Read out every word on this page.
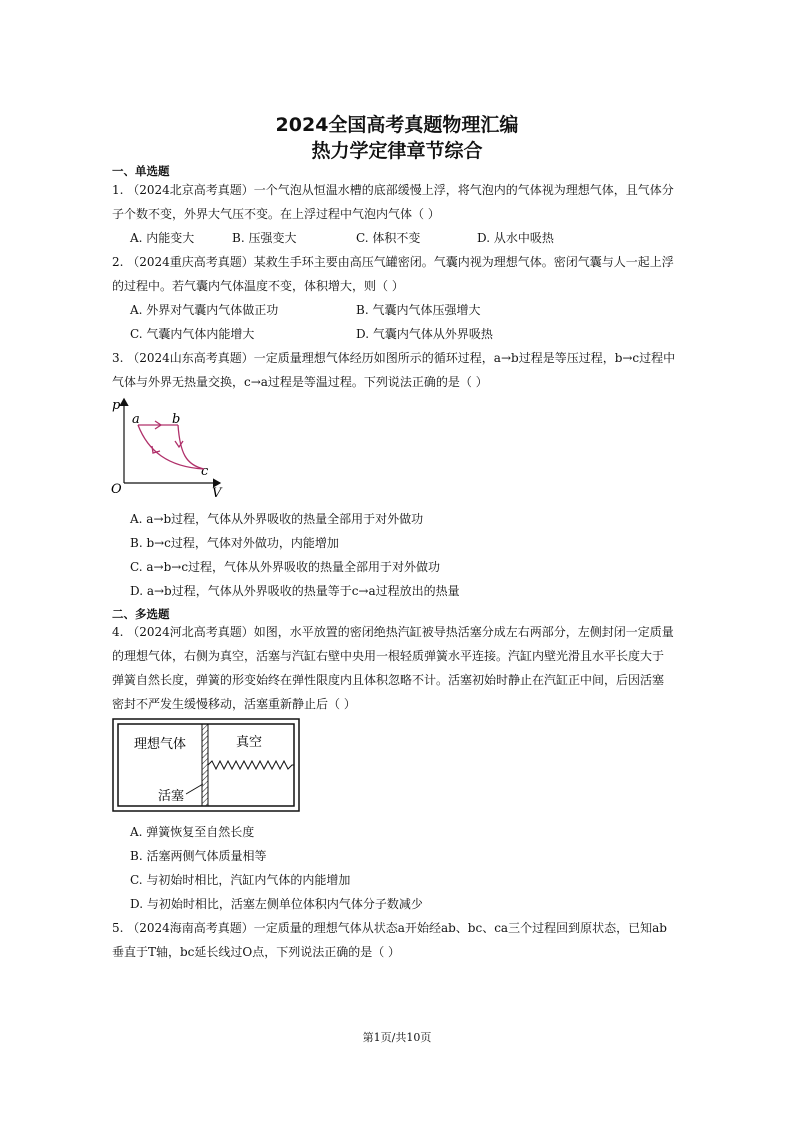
2024全国高考真题物理汇编
热力学定律章节综合
一、单选题
1. （2024北京高考真题）一个气泡从恒温水槽的底部缓慢上浮，将气泡内的气体视为理想气体，且气体分
子个数不变，外界大气压不变。在上浮过程中气泡内气体（ ）
A. 内能变大	B. 压强变大	C. 体积不变	D. 从水中吸热
2. （2024重庆高考真题）某救生手环主要由高压气罐密闭。气囊内视为理想气体。密闭气囊与人一起上浮
的过程中。若气囊内气体温度不变，体积增大，则（ ）
A. 外界对气囊内气体做正功	B. 气囊内气体压强增大
C. 气囊内气体内能增大	D. 气囊内气体从外界吸热
3. （2024山东高考真题）一定质量理想气体经历如图所示的循环过程，a→b过程是等压过程，b→c过程中
气体与外界无热量交换，c→a过程是等温过程。下列说法正确的是（ ）
p
V
O
a b
c
A. a→b过程，气体从外界吸收的热量全部用于对外做功
B. b→c过程，气体对外做功，内能增加
C. a→b→c过程，气体从外界吸收的热量全部用于对外做功
D. a→b过程，气体从外界吸收的热量等于c→a过程放出的热量
二、多选题
4. （2024河北高考真题）如图，水平放置的密闭绝热汽缸被导热活塞分成左右两部分，左侧封闭一定质量
的理想气体，右侧为真空，活塞与汽缸右壁中央用一根轻质弹簧水平连接。汽缸内壁光滑且水平长度大于
弹簧自然长度，弹簧的形变始终在弹性限度内且体积忽略不计。活塞初始时静止在汽缸正中间，后因活塞
密封不严发生缓慢移动，活塞重新静止后（ ）
理想气体	真空
活塞
A. 弹簧恢复至自然长度
B. 活塞两侧气体质量相等
C. 与初始时相比，汽缸内气体的内能增加
D. 与初始时相比，活塞左侧单位体积内气体分子数减少
5. （2024海南高考真题）一定质量的理想气体从状态a开始经ab、bc、ca三个过程回到原状态，已知ab
垂直于T轴，bc延长线过O点，下列说法正确的是（ ）
第1页/共10页
